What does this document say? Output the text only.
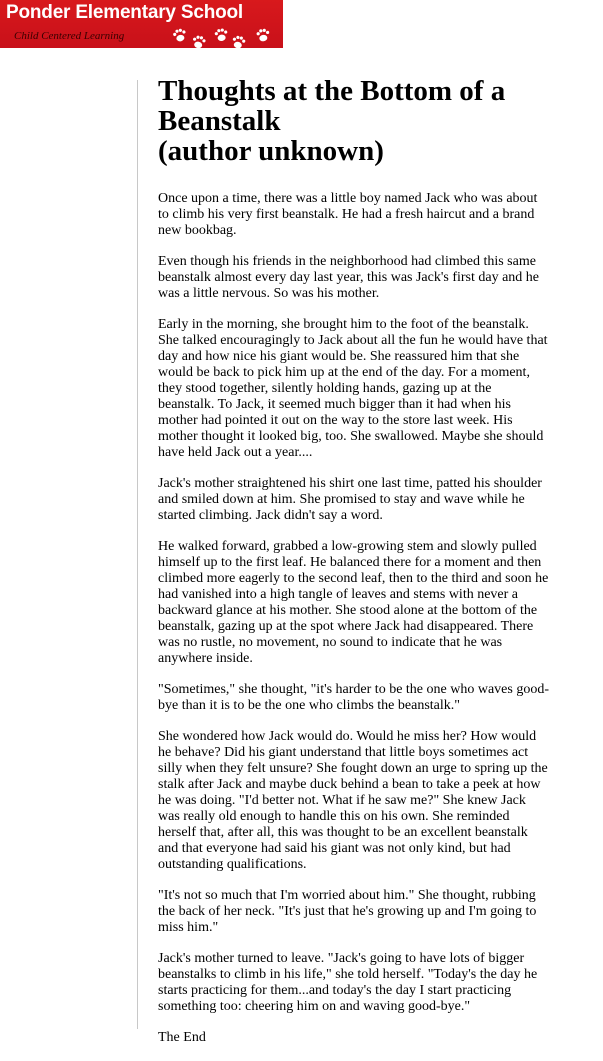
Ponder Elementary School
Child Centered Learning
Thoughts at the Bottom of a Beanstalk
(author unknown)

Once upon a time, there was a little boy named Jack who was about to climb his very first beanstalk. He had a fresh haircut and a brand new bookbag.

Even though his friends in the neighborhood had climbed this same beanstalk almost every day last year, this was Jack's first day and he was a little nervous. So was his mother.

Early in the morning, she brought him to the foot of the beanstalk. She talked encouragingly to Jack about all the fun he would have that day and how nice his giant would be. She reassured him that she would be back to pick him up at the end of the day. For a moment, they stood together, silently holding hands, gazing up at the beanstalk. To Jack, it seemed much bigger than it had when his mother had pointed it out on the way to the store last week. His mother thought it looked big, too. She swallowed. Maybe she should have held Jack out a year....

Jack's mother straightened his shirt one last time, patted his shoulder and smiled down at him. She promised to stay and wave while he started climbing. Jack didn't say a word.

He walked forward, grabbed a low-growing stem and slowly pulled himself up to the first leaf. He balanced there for a moment and then climbed more eagerly to the second leaf, then to the third and soon he had vanished into a high tangle of leaves and stems with never a backward glance at his mother. She stood alone at the bottom of the beanstalk, gazing up at the spot where Jack had disappeared. There was no rustle, no movement, no sound to indicate that he was anywhere inside.

"Sometimes," she thought, "it's harder to be the one who waves good-bye than it is to be the one who climbs the beanstalk."

She wondered how Jack would do. Would he miss her? How would he behave? Did his giant understand that little boys sometimes act silly when they felt unsure? She fought down an urge to spring up the stalk after Jack and maybe duck behind a bean to take a peek at how he was doing. "I'd better not. What if he saw me?" She knew Jack was really old enough to handle this on his own. She reminded herself that, after all, this was thought to be an excellent beanstalk and that everyone had said his giant was not only kind, but had outstanding qualifications.

"It's not so much that I'm worried about him." She thought, rubbing the back of her neck. "It's just that he's growing up and I'm going to miss him."

Jack's mother turned to leave. "Jack's going to have lots of bigger beanstalks to climb in his life," she told herself. "Today's the day he starts practicing for them...and today's the day I start practicing something too: cheering him on and waving good-bye."

The End
